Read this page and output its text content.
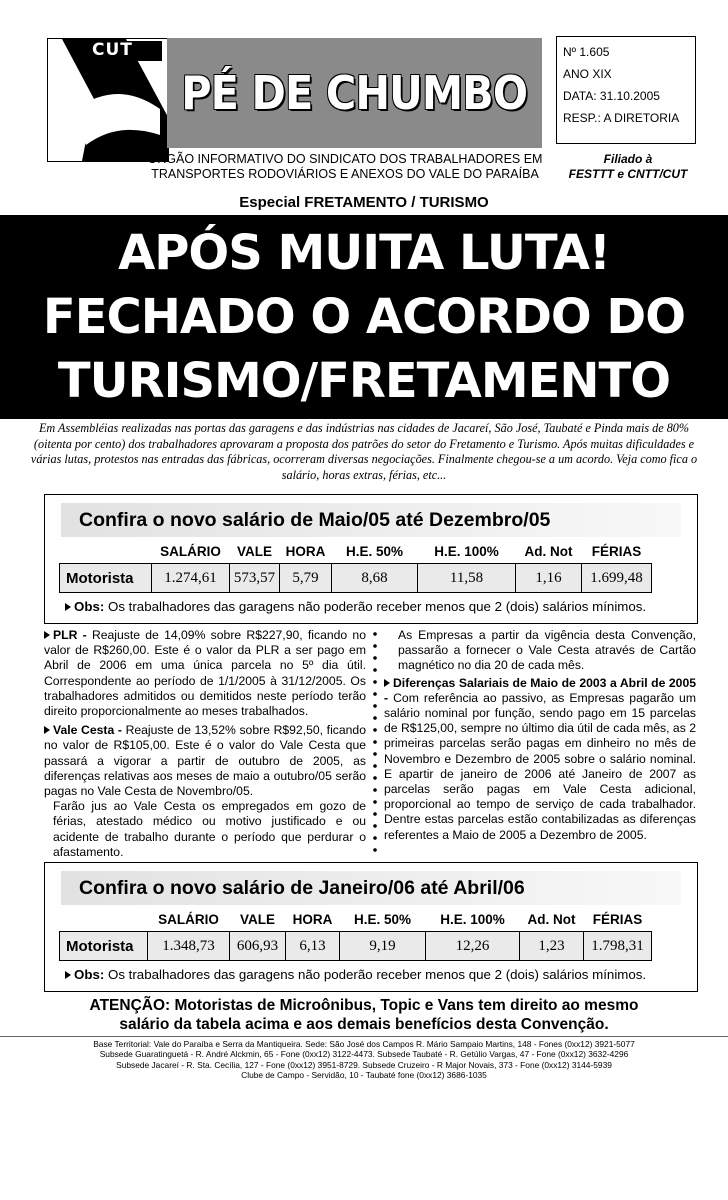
CUT
PÉ DE CHUMBO
Nº 1.605
ANO XIX
DATA: 31.10.2005
RESP.: A DIRETORIA
ÓRGÃO INFORMATIVO DO SINDICATO DOS TRABALHADORES EM
TRANSPORTES RODOVIÁRIOS E ANEXOS DO VALE DO PARAÍBA
Filiado à
FESTTT e CNTT/CUT
Especial FRETAMENTO / TURISMO
APÓS MUITA LUTA!
FECHADO O ACORDO DO
TURISMO/FRETAMENTO
Em Assembléias realizadas nas portas das garagens e das indústrias nas cidades de Jacareí, São José, Taubaté e Pinda mais de 80% (oitenta por cento) dos trabalhadores aprovaram a proposta dos patrões do setor do Fretamento e Turismo. Após muitas dificuldades e várias lutas, protestos nas entradas das fábricas, ocorreram diversas negociações. Finalmente chegou-se a um acordo. Veja como fica o salário, horas extras, férias, etc...
Confira o novo salário de Maio/05 até Dezembro/05
	SALÁRIO	VALE	HORA	H.E. 50%	H.E. 100%	Ad. Not	FÉRIAS
Motorista	1.274,61	573,57	5,79	8,68	11,58	1,16	1.699,48
Obs: Os trabalhadores das garagens não poderão receber menos que 2 (dois) salários mínimos.

PLR - Reajuste de 14,09% sobre R$227,90, ficando no valor de R$260,00. Este é o valor da PLR a ser pago em Abril de 2006 em uma única parcela no 5º dia útil. Correspondente ao período de 1/1/2005 à 31/12/2005. Os trabalhadores admitidos ou demitidos neste período terão direito proporcionalmente ao meses trabalhados.

Vale Cesta - Reajuste de 13,52% sobre R$92,50, ficando no valor de R$105,00. Este é o valor do Vale Cesta que passará a vigorar a partir de outubro de 2005, as diferenças relativas aos meses de maio a outubro/05 serão pagas no Vale Cesta de Novembro/05.

Farão jus ao Vale Cesta os empregados em gozo de férias, atestado médico ou motivo justificado e ou acidente de trabalho durante o período que perdurar o afastamento.

As Empresas a partir da vigência desta Convenção, passarão a fornecer o Vale Cesta através de Cartão magnético no dia 20 de cada mês.

Diferenças Salariais de Maio de 2003 a Abril de 2005 - Com referência ao passivo, as Empresas pagarão um salário nominal por função, sendo pago em 15 parcelas de R$125,00, sempre no último dia útil de cada mês, as 2 primeiras parcelas serão pagas em dinheiro no mês de Novembro e Dezembro de 2005 sobre o salário nominal. E apartir de janeiro de 2006 até Janeiro de 2007 as parcelas serão pagas em Vale Cesta adicional, proporcional ao tempo de serviço de cada trabalhador. Dentre estas parcelas estão contabilizadas as diferenças referentes a Maio de 2005 a Dezembro de 2005.

Confira o novo salário de Janeiro/06 até Abril/06
	SALÁRIO	VALE	HORA	H.E. 50%	H.E. 100%	Ad. Not	FÉRIAS
Motorista	1.348,73	606,93	6,13	9,19	12,26	1,23	1.798,31
Obs: Os trabalhadores das garagens não poderão receber menos que 2 (dois) salários mínimos.
ATENÇÃO: Motoristas de Microônibus, Topic e Vans tem direito ao mesmo
salário da tabela acima e aos demais benefícios desta Convenção.
Base Territorial: Vale do Paraíba e Serra da Mantiqueira. Sede: São José dos Campos R. Mário Sampaio Martins, 148 - Fones (0xx12) 3921-5077
Subsede Guaratinguetá - R. André Alckmin, 65 - Fone (0xx12) 3122-4473. Subsede Taubaté - R. Getúlio Vargas, 47 - Fone (0xx12) 3632-4296
Subsede Jacareí - R. Sta. Cecília, 127 - Fone (0xx12) 3951-8729. Subsede Cruzeiro - R Major Novais, 373 - Fone (0xx12) 3144-5939
Clube de Campo - Servidão, 10 - Taubaté fone (0xx12) 3686-1035
